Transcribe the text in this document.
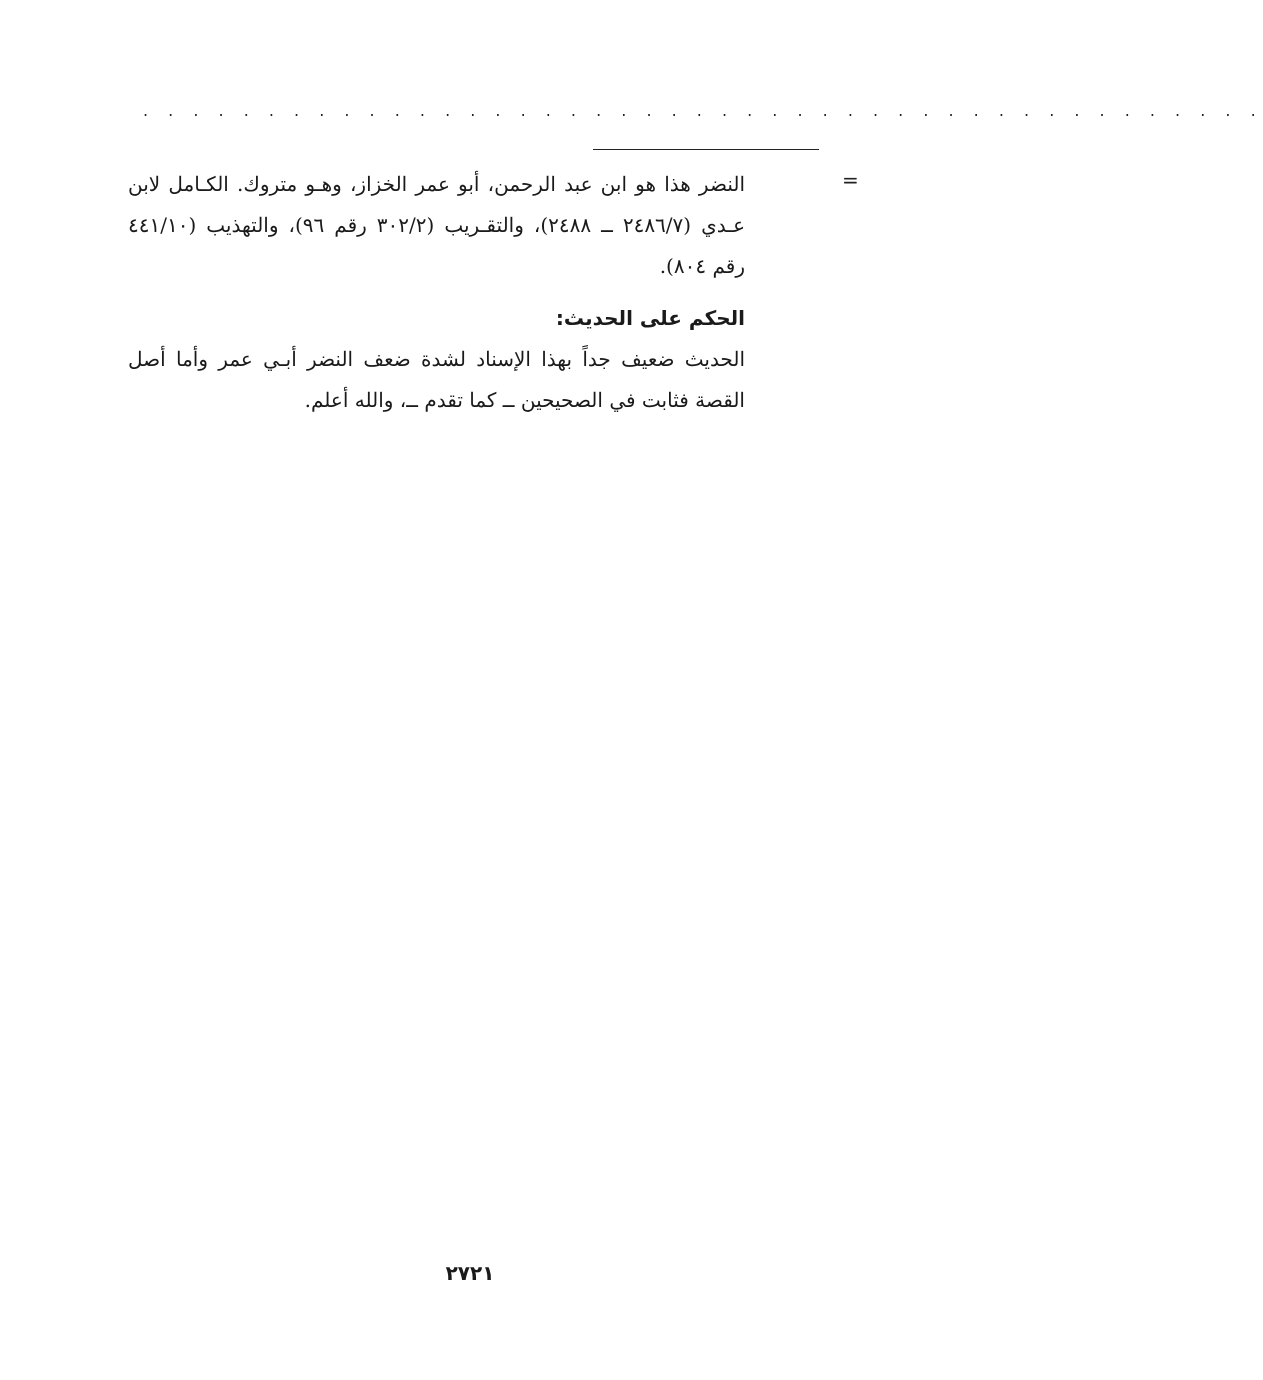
. . . . . . . . . . . . . . . . . . . . . . . . . . . . . . . . . . . . . . . . . . . . .
=
النضر هذا هو ابن عبد الرحمن، أبو عمر الخزاز، وهـو متروك. الكـامل لابن عـدي (٢٤٨٦/٧ ــ ٢٤٨٨)، والتقـريب (٣٠٢/٢ رقم ٩٦)، والتهذيب (٤٤١/١٠ رقم ٨٠٤).
الحكم على الحديث:
الحديث ضعيف جداً بهذا الإسناد لشدة ضعف النضر أبـي عمر وأما أصل القصة فثابت في الصحيحين ــ كما تقدم ــ، والله أعلم.
٢٧٢١
